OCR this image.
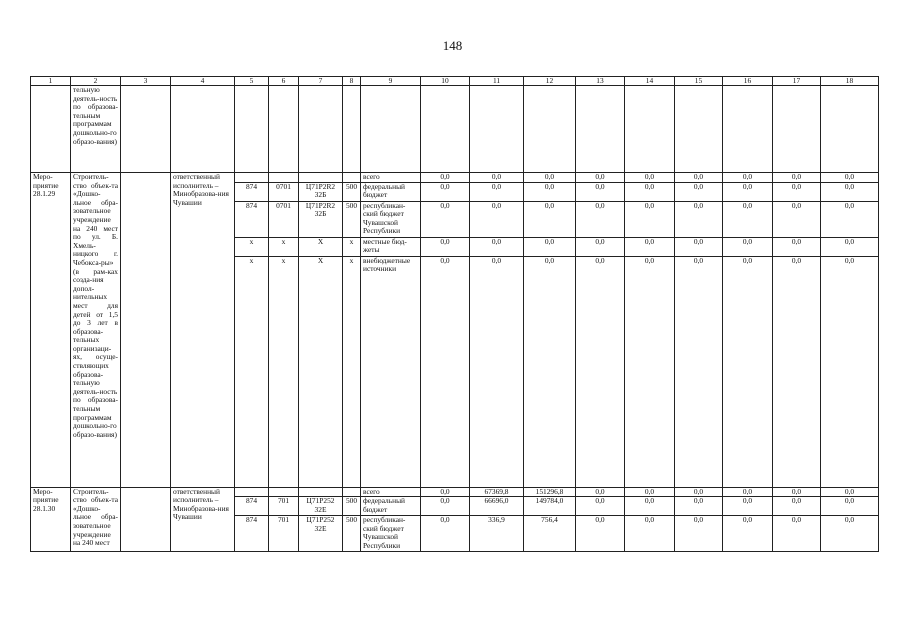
148
1	2	3	4	5	6	7	8	9	10	11	12	13	14	15	16	17	18
	тельную деятель-ность по образова-тельным программам дошкольно-го образо-вания)																
Меро-приятие 28.1.29	Строитель-ство объек-та «Дошко-льное обра-зовательное учреждение на 240 мест по ул. Б. Хмель-ницкого г. Чебокса-ры» (в рам-ках созда-ния допол-нительных мест для детей от 1,5 до 3 лет в образова-тельных организаци-ях, осуще-ствляющих образова-тельную деятель-ность по образова-тельным программам дошкольно-го образо-вания)		ответственный исполнитель – Минобразова-ния Чувашии					всего	0,0	0,0	0,0	0,0	0,0	0,0	0,0	0,0	0,0
				874	0701	Ц71Р2R2 32Б	500	федеральный бюджет	0,0	0,0	0,0	0,0	0,0	0,0	0,0	0,0	0,0
				874	0701	Ц71Р2R2 32Б	500	республикан-ский бюджет Чувашской Республики	0,0	0,0	0,0	0,0	0,0	0,0	0,0	0,0	0,0
				x	x	X	x	местные бюд-жеты	0,0	0,0	0,0	0,0	0,0	0,0	0,0	0,0	0,0
				x	x	X	x	внебюджетные источники	0,0	0,0	0,0	0,0	0,0	0,0	0,0	0,0	0,0
Меро-приятие 28.1.30	Строитель-ство объек-та «Дошко-льное обра-зовательное учреждение на 240 мест		ответственный исполнитель – Минобразова-ния Чувашии					всего	0,0	67369,8	151296,8	0,0	0,0	0,0	0,0	0,0	0,0
				874	701	Ц71Р252 32Е	500	федеральный бюджет	0,0	66696,0	149784,0	0,0	0,0	0,0	0,0	0,0	0,0
				874	701	Ц71Р252 32Е	500	республикан-ский бюджет Чувашской Республики	0,0	336,9	756,4	0,0	0,0	0,0	0,0	0,0	0,0
